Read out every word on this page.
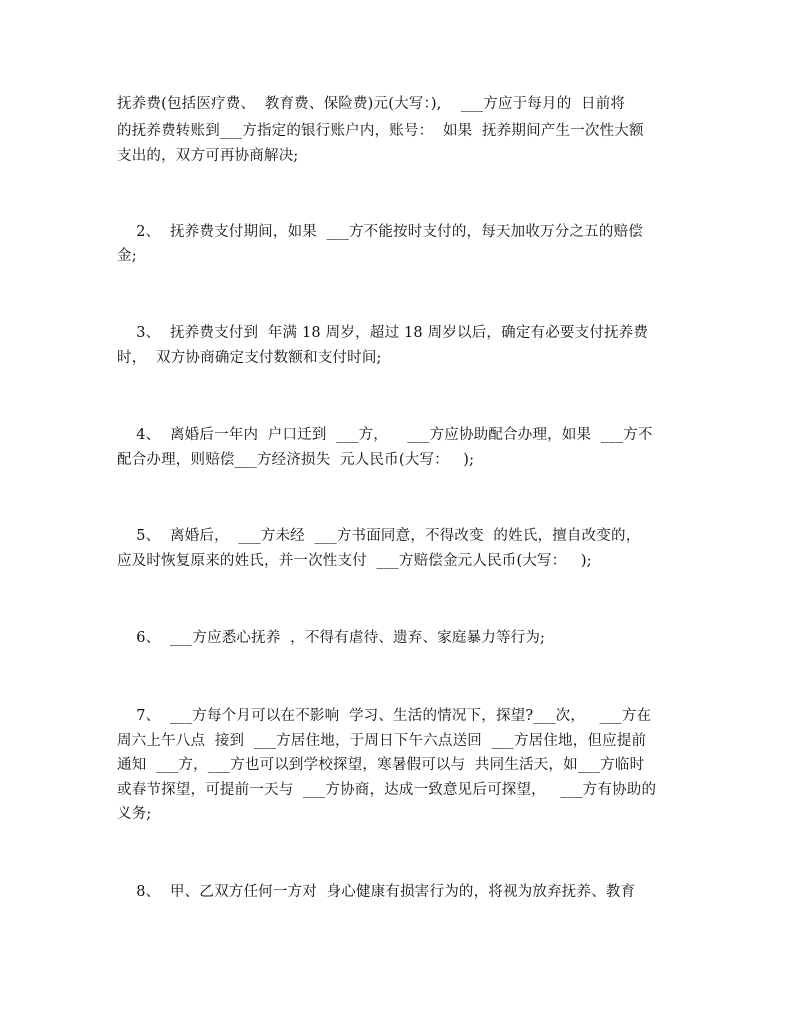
抚养费(包括医疗费、  教育费、保险费)元(大写：),    ___方应于每月的  日前将
的抚养费转账到___方指定的银行账户内，账号：  如果  抚养期间产生一次性大额
支出的，双方可再协商解决;
2、  抚养费支付期间，如果  ___方不能按时支付的，每天加收万分之五的赔偿
金;
3、  抚养费支付到  年满 18 周岁，超过 18 周岁以后，确定有必要支付抚养费
时，  双方协商确定支付数额和支付时间;
4、  离婚后一年内  户口迁到  ___方，    ___方应协助配合办理，如果  ___方不
配合办理，则赔偿___方经济损失  元人民币(大写：   );
5、  离婚后，  ___方未经  ___方书面同意，不得改变  的姓氏，擅自改变的，
应及时恢复原来的姓氏，并一次性支付  ___方赔偿金元人民币(大写：   );
6、  ___方应悉心抚养  ，不得有虐待、遗弃、家庭暴力等行为;
7、  ___方每个月可以在不影响  学习、生活的情况下，探望?___次，   ___方在
周六上午八点  接到  ___方居住地，于周日下午六点送回  ___方居住地，但应提前
通知  ___方，___方也可以到学校探望，寒暑假可以与  共同生活天，如___方临时
或春节探望，可提前一天与  ___方协商，达成一致意见后可探望，   ___方有协助的
义务;
8、  甲、乙双方任何一方对  身心健康有损害行为的，将视为放弃抚养、教育
